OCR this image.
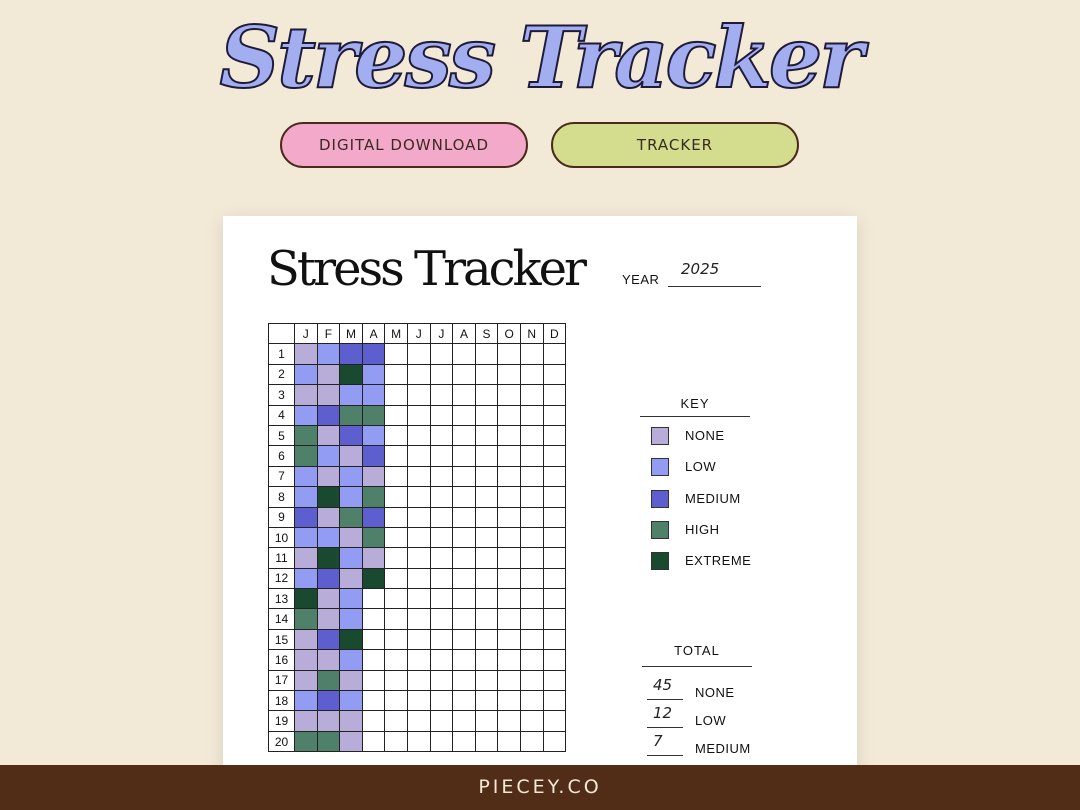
Stress Tracker
DIGITAL DOWNLOAD	TRACKER
Stress Tracker	YEAR
2025
	J	F	M	A	M	J	J	A	S	O	N	D
1												
2												
3												
4												
5												
6												
7												
8												
9												
10												
11												
12												
13												
14												
15												
16												
17												
18												
19												
20												
KEY
NONE
LOW
MEDIUM
HIGH
EXTREME
TOTAL
45 NONE
12 LOW
7 MEDIUM
PIECEY.CO
